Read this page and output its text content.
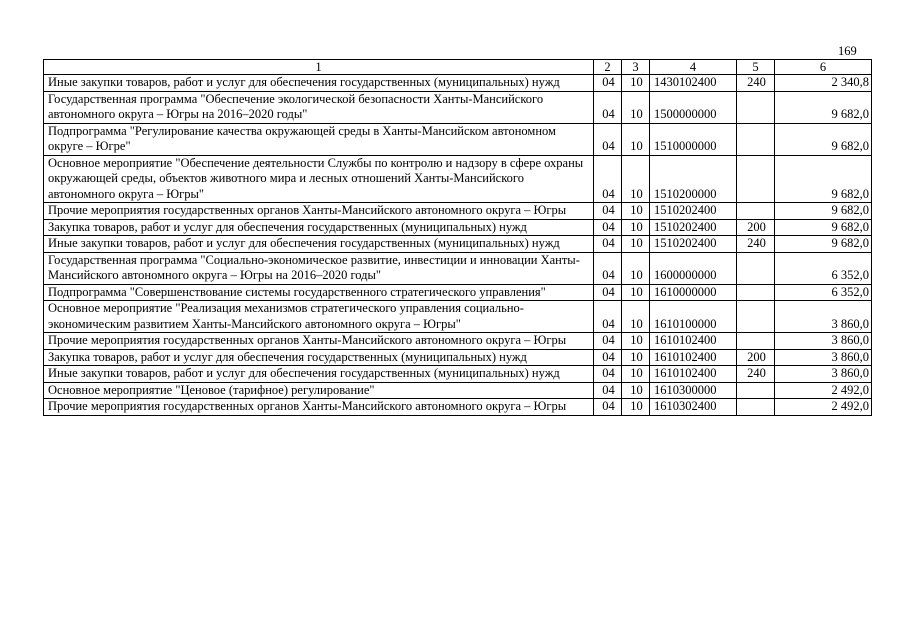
169
1	2	3	4	5	6
Иные закупки товаров, работ и услуг для обеспечения государственных (муниципальных) нужд	04	10	1430102400	240	2 340,8
Государственная программа "Обеспечение экологической безопасности Ханты-Мансийского автономного округа – Югры на 2016–2020 годы"	04	10	1500000000		9 682,0
Подпрограмма "Регулирование качества окружающей среды в Ханты-Мансийском автономном округе – Югре"	04	10	1510000000		9 682,0
Основное мероприятие "Обеспечение деятельности Службы по контролю и надзору в сфере охраны окружающей среды, объектов животного мира и лесных отношений Ханты-Мансийского автономного округа – Югры"	04	10	1510200000		9 682,0
Прочие мероприятия государственных органов Ханты-Мансийского автономного округа – Югры	04	10	1510202400		9 682,0
Закупка товаров, работ и услуг для обеспечения государственных (муниципальных) нужд	04	10	1510202400	200	9 682,0
Иные закупки товаров, работ и услуг для обеспечения государственных (муниципальных) нужд	04	10	1510202400	240	9 682,0
Государственная программа "Социально-экономическое развитие, инвестиции и инновации Ханты-Мансийского автономного округа – Югры на 2016–2020 годы"	04	10	1600000000		6 352,0
Подпрограмма "Совершенствование системы государственного стратегического управления"	04	10	1610000000		6 352,0
Основное мероприятие "Реализация механизмов стратегического управления социально-экономическим развитием Ханты-Мансийского автономного округа – Югры"	04	10	1610100000		3 860,0
Прочие мероприятия государственных органов Ханты-Мансийского автономного округа – Югры	04	10	1610102400		3 860,0
Закупка товаров, работ и услуг для обеспечения государственных (муниципальных) нужд	04	10	1610102400	200	3 860,0
Иные закупки товаров, работ и услуг для обеспечения государственных (муниципальных) нужд	04	10	1610102400	240	3 860,0
Основное мероприятие "Ценовое (тарифное) регулирование"	04	10	1610300000		2 492,0
Прочие мероприятия государственных органов Ханты-Мансийского автономного округа – Югры	04	10	1610302400		2 492,0
